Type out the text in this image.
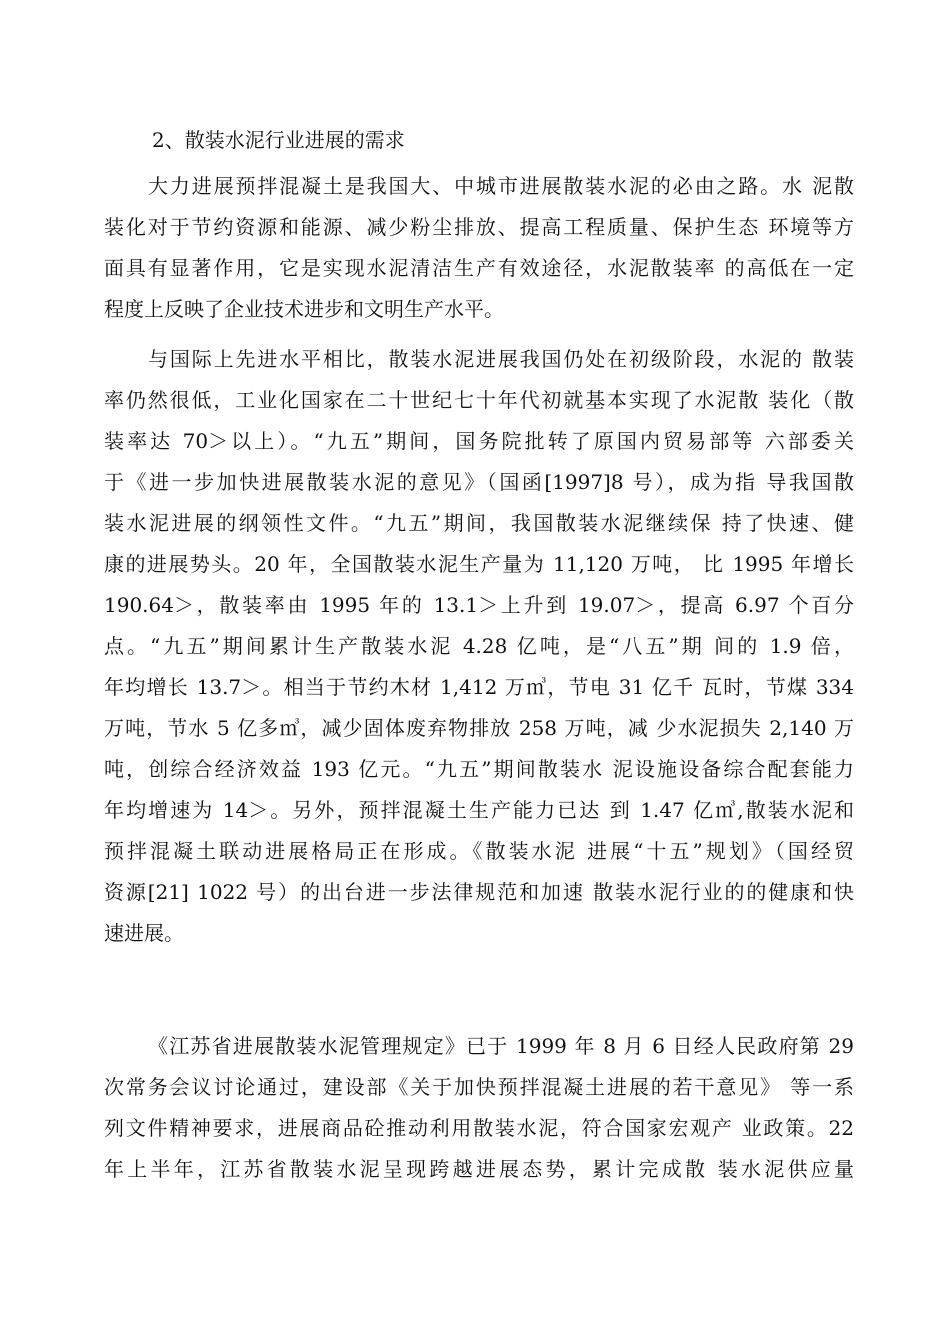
2、散装水泥行业进展的需求
大力进展预拌混凝土是我国大、中城市进展散装水泥的必由之路。水 泥散
装化对于节约资源和能源、减少粉尘排放、提高工程质量、保护生态 环境等方
面具有显著作用，它是实现水泥清洁生产有效途径，水泥散装率 的高低在一定
程度上反映了企业技术进步和文明生产水平。
与国际上先进水平相比，散装水泥进展我国仍处在初级阶段，水泥的 散装
率仍然很低，工业化国家在二十世纪七十年代初就基本实现了水泥散 装化（散
装率达 70＞以上）。“九五”期间，国务院批转了原国内贸易部等 六部委关
于《进一步加快进展散装水泥的意见》（国函[1997]8 号），成为指 导我国散
装水泥进展的纲领性文件。“九五”期间，我国散装水泥继续保 持了快速、健
康的进展势头。20 年，全国散装水泥生产量为 11,120 万吨， 比 1995 年增长
190.64＞，散装率由 1995 年的 13.1＞上升到 19.07＞，提高 6.97 个百分
点。“九五”期间累计生产散装水泥 4.28 亿吨，是“八五”期 间的 1.9 倍，
年均增长 13.7＞。相当于节约木材 1,412 万㎥，节电 31 亿千 瓦时，节煤 334
万吨，节水 5 亿多㎥，减少固体废弃物排放 258 万吨，减 少水泥损失 2,140 万
吨，创综合经济效益 193 亿元。“九五”期间散装水 泥设施设备综合配套能力
年均增速为 14＞。另外，预拌混凝土生产能力已达 到 1.47 亿㎥,散装水泥和
预拌混凝土联动进展格局正在形成。《散装水泥 进展“十五”规划》（国经贸
资源[21] 1022 号）的出台进一步法律规范和加速 散装水泥行业的的健康和快
速进展。
《江苏省进展散装水泥管理规定》已于 1999 年 8 月 6 日经人民政府第 29
次常务会议讨论通过，建设部《关于加快预拌混凝土进展的若干意见》 等一系
列文件精神要求，进展商品砼推动利用散装水泥，符合国家宏观产 业政策。22
年上半年，江苏省散装水泥呈现跨越进展态势，累计完成散 装水泥供应量
